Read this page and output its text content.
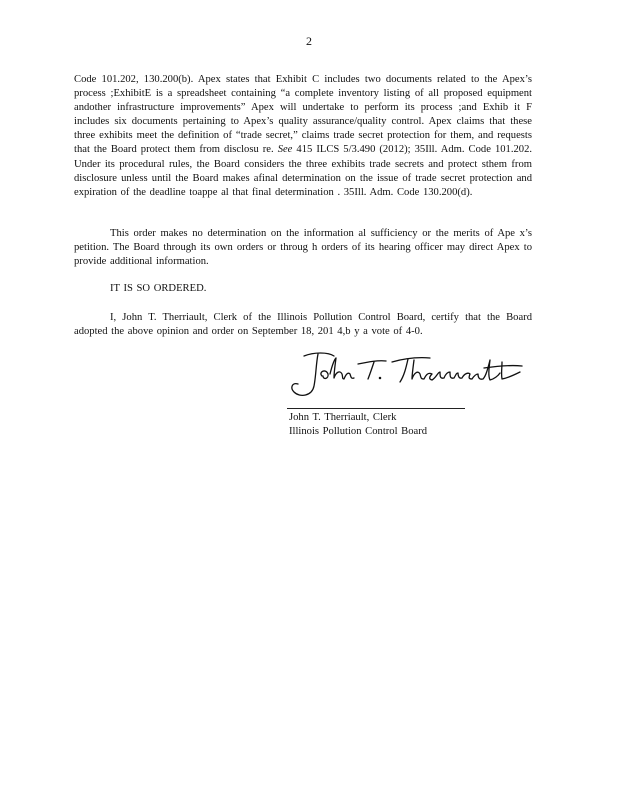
2

Code 101.202, 130.200(b). Apex states that Exhibit C includes two documents related to the Apex’s process ;ExhibitE is a spreadsheet containing “a complete inventory listing of all proposed equipment andother infrastructure improvements” Apex will undertake to perform its process ;and Exhib it F includes six documents pertaining to Apex’s quality assurance/quality control. Apex claims that these three exhibits meet the definition of “trade secret,” claims trade secret protection for them, and requests that the Board protect them from disclosu re. See 415 ILCS 5/3.490 (2012); 35Ill. Adm. Code 101.202. Under its procedural rules, the Board considers the three exhibits trade secrets and protect sthem from disclosure unless until the Board makes afinal determination on the issue of trade secret protection and expiration of the deadline toappe al that final determination . 35Ill. Adm. Code 130.200(d).

This order makes no determination on the information al sufficiency or the merits of Ape x’s petition. The Board through its own orders or throug h orders of its hearing officer may direct Apex to provide additional information.

IT IS SO ORDERED.

I, John T. Therriault, Clerk of the Illinois Pollution Control Board, certify that the Board adopted the above opinion and order on September 18, 201 4,b y a vote of 4-0.

John T. Therriault, Clerk
Illinois Pollution Control Board
